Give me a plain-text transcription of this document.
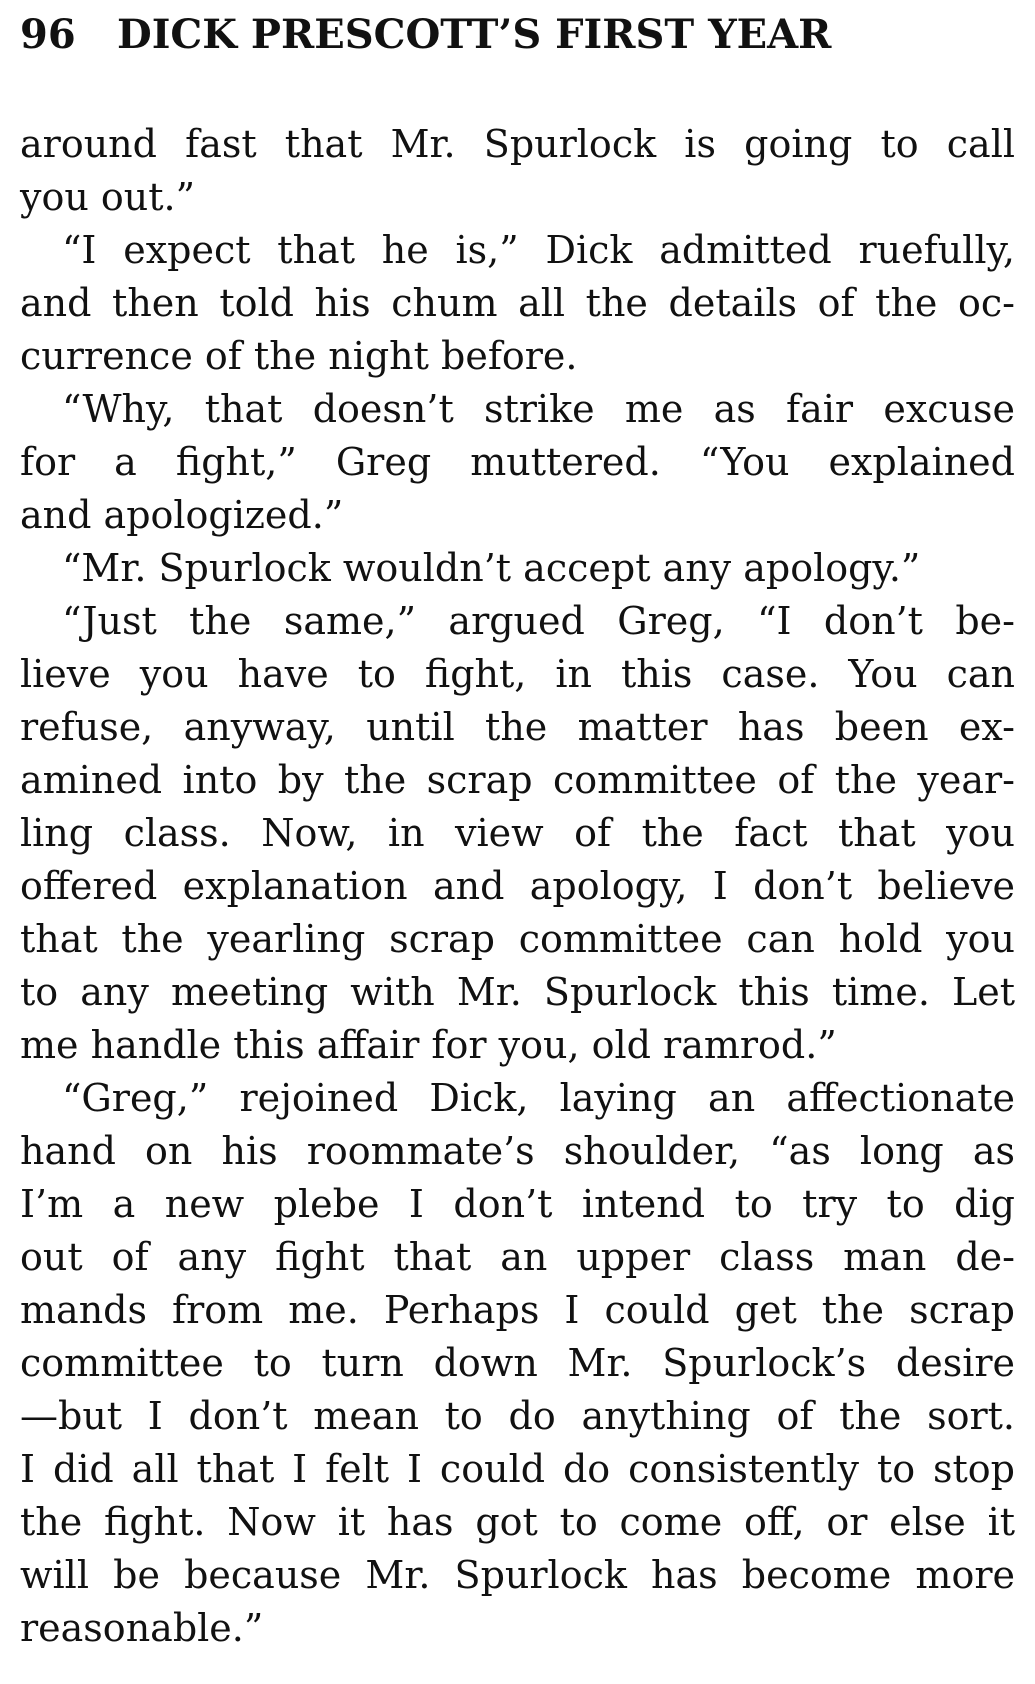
96	DICK PRESCOTT’S FIRST YEAR
around fast that Mr. Spurlock is going to call
you out.”
“I expect that he is,” Dick admitted ruefully,
and then told his chum all the details of the oc-
currence of the night before.
“Why, that doesn’t strike me as fair excuse
for a fight,” Greg muttered. “You explained
and apologized.”
“Mr. Spurlock wouldn’t accept any apology.”
“Just the same,” argued Greg, “I don’t be-
lieve you have to fight, in this case. You can
refuse, anyway, until the matter has been ex-
amined into by the scrap committee of the year-
ling class. Now, in view of the fact that you
offered explanation and apology, I don’t believe
that the yearling scrap committee can hold you
to any meeting with Mr. Spurlock this time. Let
me handle this affair for you, old ramrod.”
“Greg,” rejoined Dick, laying an affectionate
hand on his roommate’s shoulder, “as long as
I’m a new plebe I don’t intend to try to dig
out of any fight that an upper class man de-
mands from me. Perhaps I could get the scrap
committee to turn down Mr. Spurlock’s desire
—but I don’t mean to do anything of the sort.
I did all that I felt I could do consistently to stop
the fight. Now it has got to come off, or else it
will be because Mr. Spurlock has become more
reasonable.”
